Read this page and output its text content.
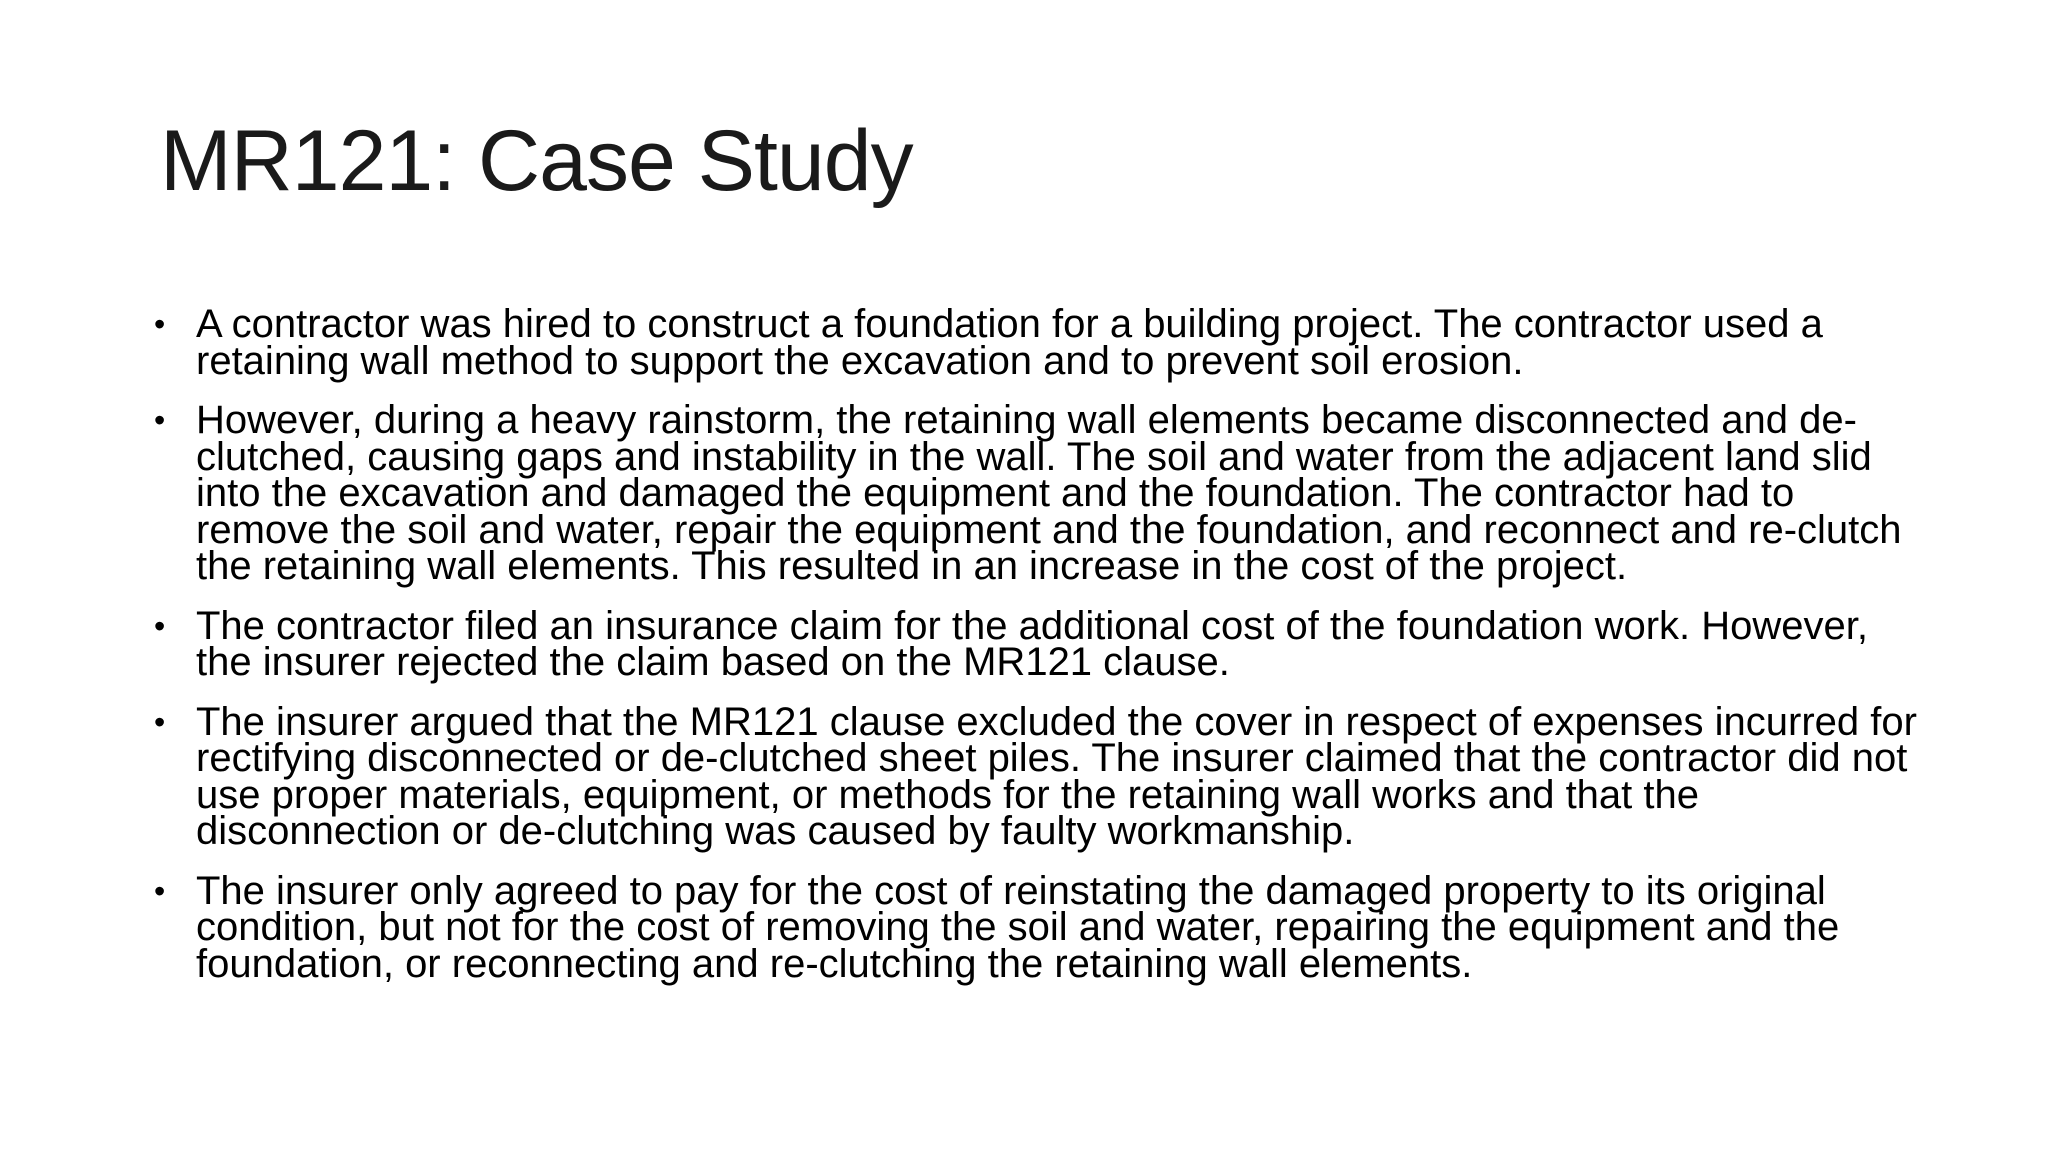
MR121: Case Study
• A contractor was hired to construct a foundation for a building project. The contractor used a retaining wall method to support the excavation and to prevent soil erosion.
• However, during a heavy rainstorm, the retaining wall elements became disconnected and de-clutched, causing gaps and instability in the wall. The soil and water from the adjacent land slid into the excavation and damaged the equipment and the foundation. The contractor had to remove the soil and water, repair the equipment and the foundation, and reconnect and re-clutch the retaining wall elements. This resulted in an increase in the cost of the project.
• The contractor filed an insurance claim for the additional cost of the foundation work. However, the insurer rejected the claim based on the MR121 clause.
• The insurer argued that the MR121 clause excluded the cover in respect of expenses incurred for rectifying disconnected or de-clutched sheet piles. The insurer claimed that the contractor did not use proper materials, equipment, or methods for the retaining wall works and that the disconnection or de-clutching was caused by faulty workmanship.
• The insurer only agreed to pay for the cost of reinstating the damaged property to its original condition, but not for the cost of removing the soil and water, repairing the equipment and the foundation, or reconnecting and re-clutching the retaining wall elements.
